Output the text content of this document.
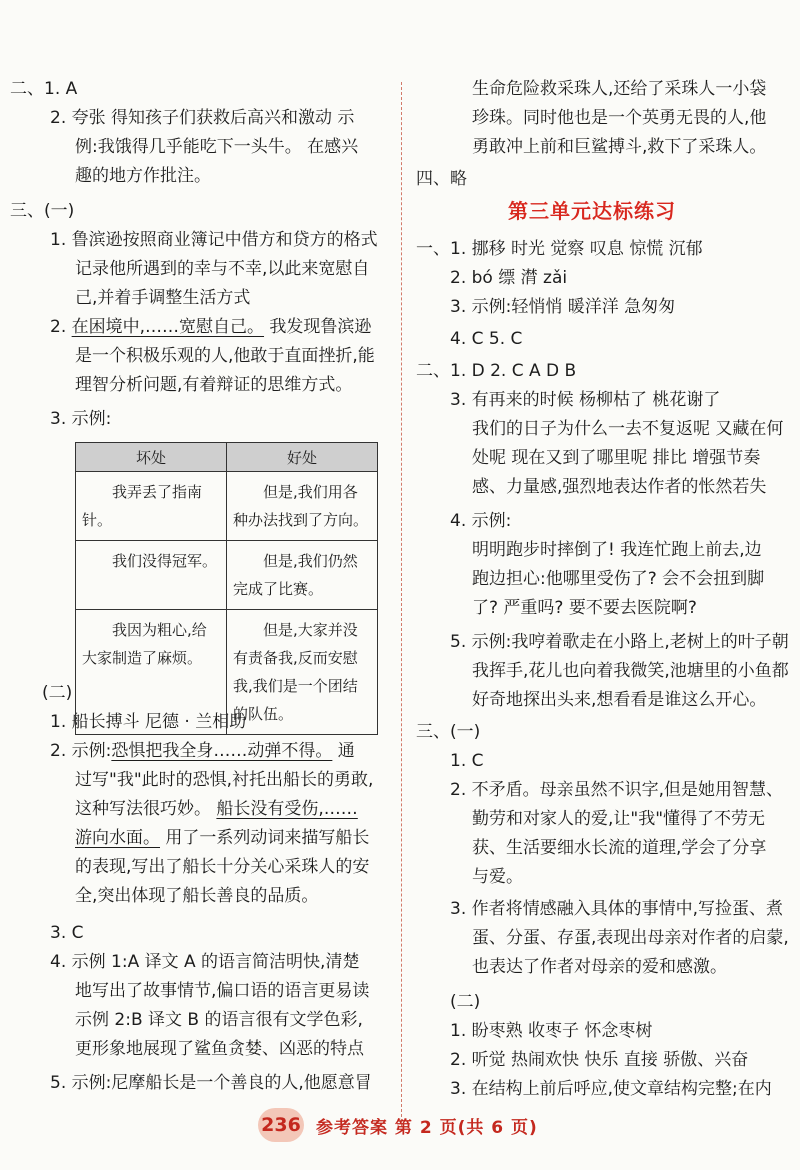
二、1. A
2. 夸张 得知孩子们获救后高兴和激动 示
例:我饿得几乎能吃下一头牛。 在感兴
趣的地方作批注。
三、(一)
1. 鲁滨逊按照商业簿记中借方和贷方的格式
记录他所遇到的幸与不幸,以此来宽慰自
己,并着手调整生活方式
2. 在困境中,……宽慰自己。 我发现鲁滨逊
是一个积极乐观的人,他敢于直面挫折,能
理智分析问题,有着辩证的思维方式。
3. 示例:
(二)
1. 船长搏斗 尼德 · 兰相助
2. 示例:恐惧把我全身……动弹不得。 通
过写"我"此时的恐惧,衬托出船长的勇敢,
这种写法很巧妙。 船长没有受伤,……
游向水面。 用了一系列动词来描写船长
的表现,写出了船长十分关心采珠人的安
全,突出体现了船长善良的品质。
3. C
4. 示例 1:A 译文 A 的语言简洁明快,清楚
地写出了故事情节,偏口语的语言更易读
示例 2:B 译文 B 的语言很有文学色彩,
更形象地展现了鲨鱼贪婪、凶恶的特点
5. 示例:尼摩船长是一个善良的人,他愿意冒
生命危险救采珠人,还给了采珠人一小袋
珍珠。同时他也是一个英勇无畏的人,他
勇敢冲上前和巨鲨搏斗,救下了采珠人。
四、略
一、1. 挪移 时光 觉察 叹息 惊慌 沉郁
2. bó 缥 潸 zǎi
3. 示例:轻悄悄 暖洋洋 急匆匆
4. C 5. C
二、1. D 2. C A D B
3. 有再来的时候 杨柳枯了 桃花谢了
我们的日子为什么一去不复返呢 又藏在何
处呢 现在又到了哪里呢 排比 增强节奏
感、力量感,强烈地表达作者的怅然若失
4. 示例:
明明跑步时摔倒了! 我连忙跑上前去,边
跑边担心:他哪里受伤了? 会不会扭到脚
了? 严重吗? 要不要去医院啊?
5. 示例:我哼着歌走在小路上,老树上的叶子朝
我挥手,花儿也向着我微笑,池塘里的小鱼都
好奇地探出头来,想看看是谁这么开心。
三、(一)
1. C
2. 不矛盾。母亲虽然不识字,但是她用智慧、
勤劳和对家人的爱,让"我"懂得了不劳无
获、生活要细水长流的道理,学会了分享
与爱。
3. 作者将情感融入具体的事情中,写捡蛋、煮
蛋、分蛋、存蛋,表现出母亲对作者的启蒙,
也表达了作者对母亲的爱和感激。
(二)
1. 盼枣熟 收枣子 怀念枣树
2. 听觉 热闹欢快 快乐 直接 骄傲、兴奋
3. 在结构上前后呼应,使文章结构完整;在内
第三单元达标练习
坏处	好处
我弄丢了指南针。	但是,我们用各种办法找到了方向。
我们没得冠军。	但是,我们仍然完成了比赛。
我因为粗心,给大家制造了麻烦。	但是,大家并没有责备我,反而安慰我,我们是一个团结的队伍。
236 参考答案 第 2 页(共 6 页)
